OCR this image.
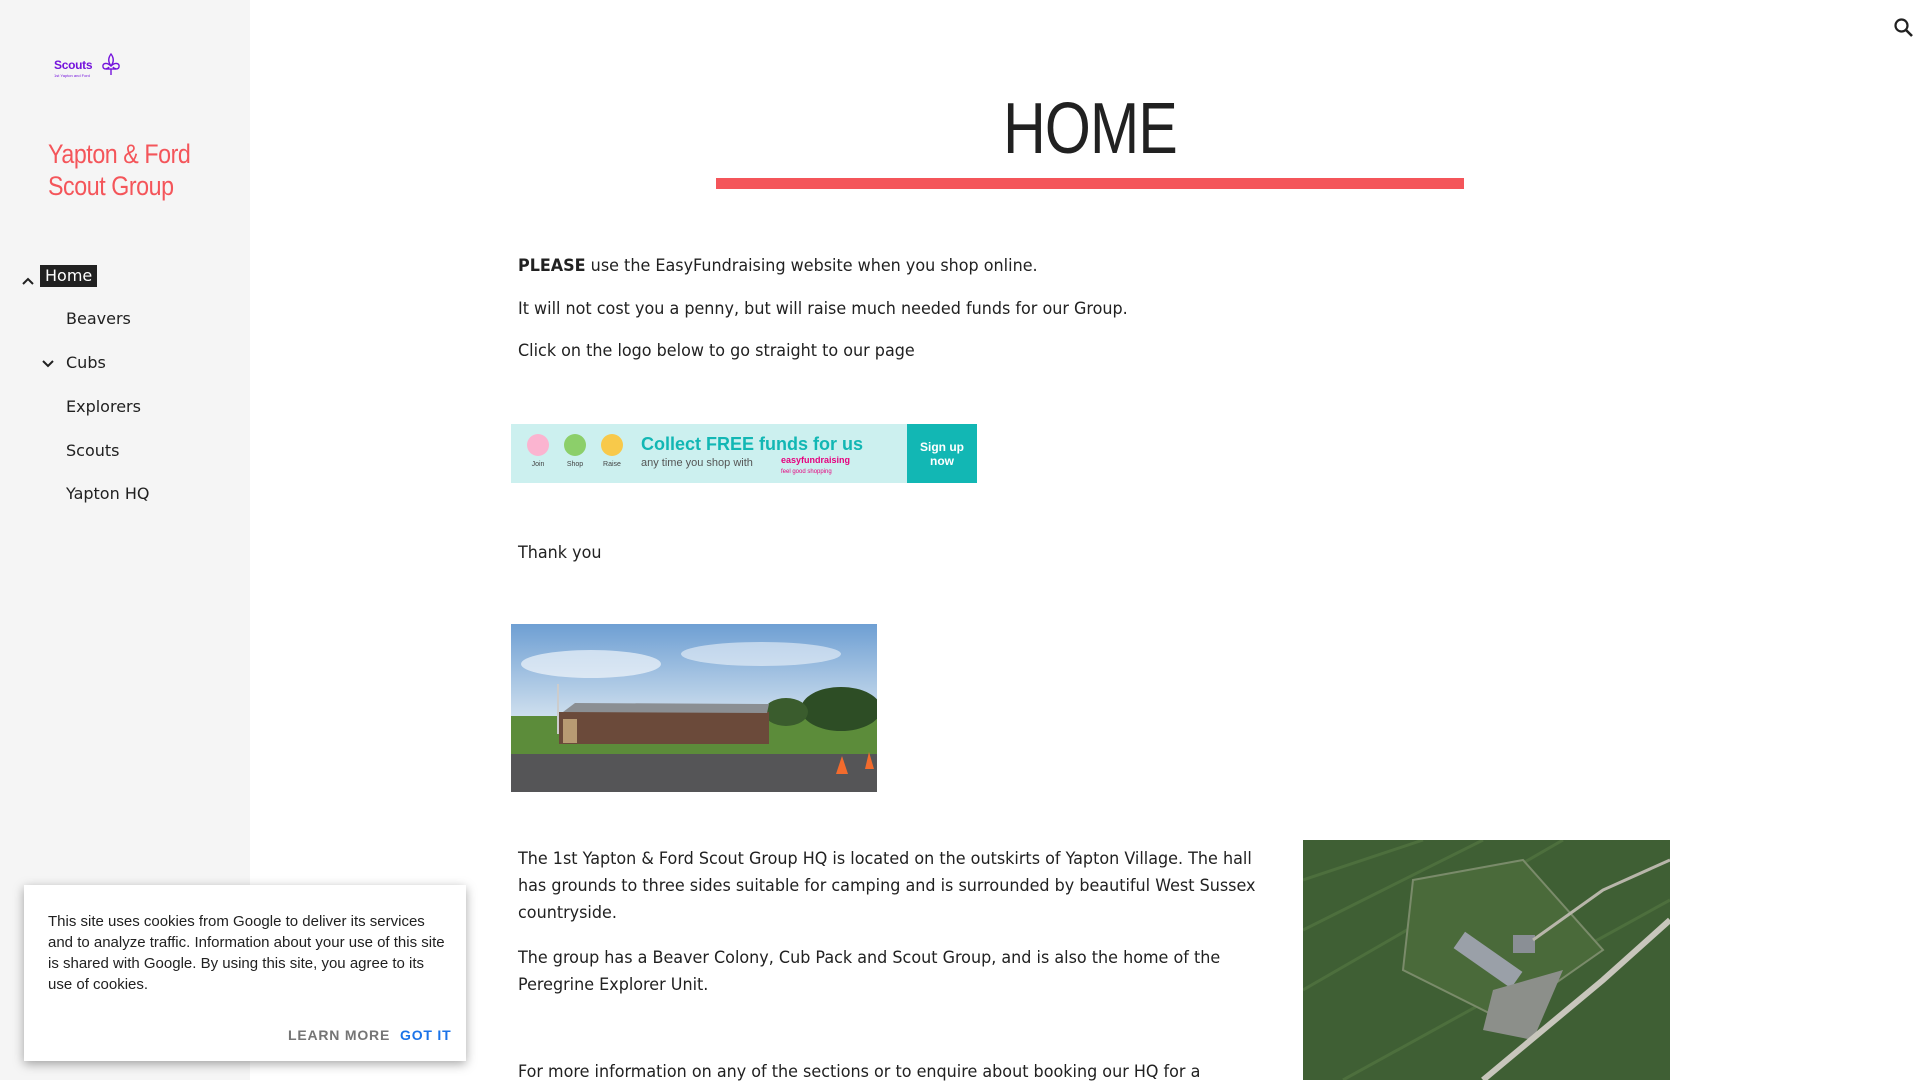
Scouts
1st Yapton and Ford
Yapton & Ford Scout Group
Home
Beavers
Cubs
Explorers
Scouts
Yapton HQ
HOME
PLEASE use the EasyFundraising website when you shop online.
It will not cost you a penny, but will raise much needed funds for our Group.
Click on the logo below to go straight to our page
Join	Shop	Raise
Collect FREE funds for us
any time you shop with	easyfundraising
feel good shopping
Sign up now
Thank you
The 1st Yapton & Ford Scout Group HQ is located on the outskirts of Yapton Village. The hall has grounds to three sides suitable for camping and is surrounded by beautiful West Sussex countryside.
The group has a Beaver Colony, Cub Pack and Scout Group, and is also the home of the Peregrine Explorer Unit.
For more information on any of the sections or to enquire about booking our HQ for a
This site uses cookies from Google to deliver its services and to analyze traffic. Information about your use of this site is shared with Google. By using this site, you agree to its use of cookies.
LEARN MORE GOT IT
